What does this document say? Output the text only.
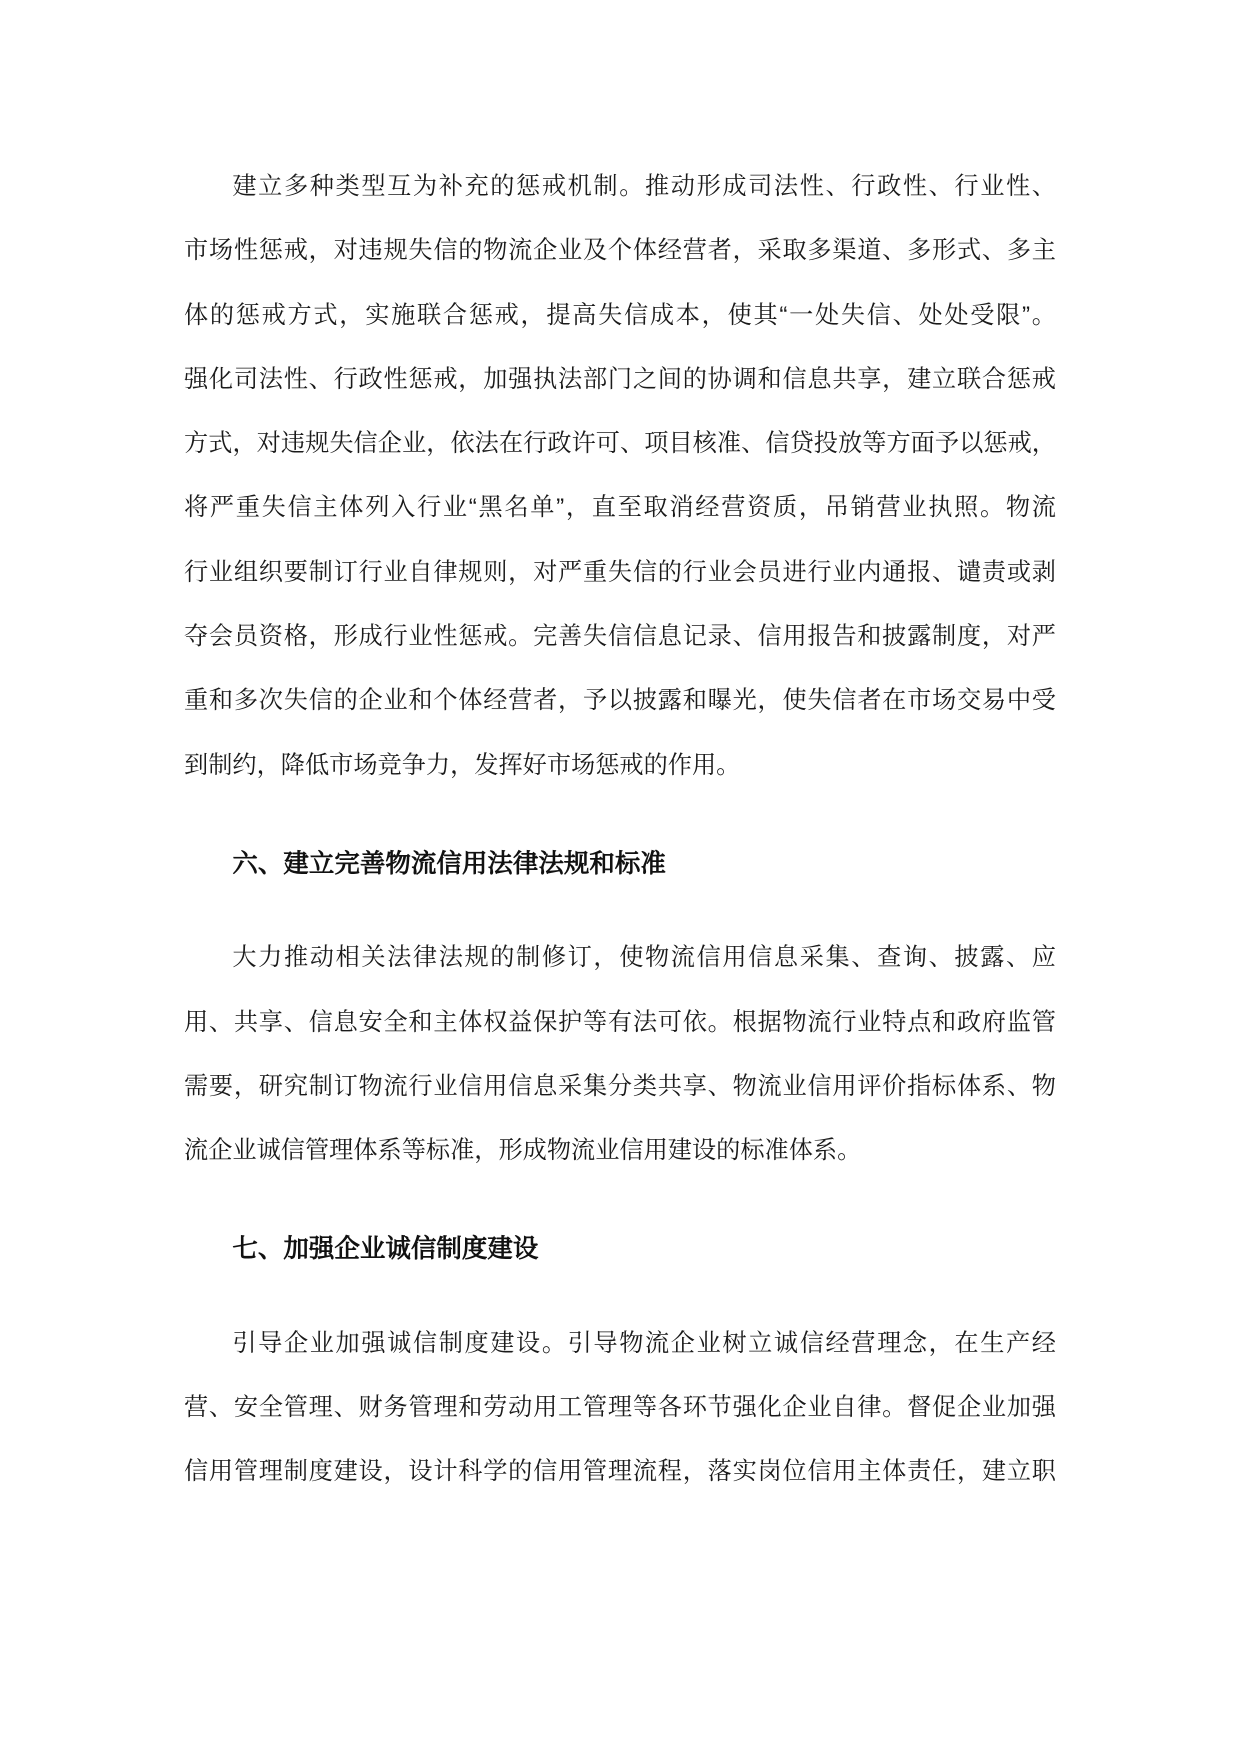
建立多种类型互为补充的惩戒机制。推动形成司法性、行政性、行业性、
市场性惩戒，对违规失信的物流企业及个体经营者，采取多渠道、多形式、多主
体的惩戒方式，实施联合惩戒，提高失信成本，使其“一处失信、处处受限”。
强化司法性、行政性惩戒，加强执法部门之间的协调和信息共享，建立联合惩戒
方式，对违规失信企业，依法在行政许可、项目核准、信贷投放等方面予以惩戒，
将严重失信主体列入行业“黑名单”，直至取消经营资质，吊销营业执照。物流
行业组织要制订行业自律规则，对严重失信的行业会员进行业内通报、谴责或剥
夺会员资格，形成行业性惩戒。完善失信信息记录、信用报告和披露制度，对严
重和多次失信的企业和个体经营者，予以披露和曝光，使失信者在市场交易中受
到制约，降低市场竞争力，发挥好市场惩戒的作用。
六、建立完善物流信用法律法规和标准
大力推动相关法律法规的制修订，使物流信用信息采集、查询、披露、应
用、共享、信息安全和主体权益保护等有法可依。根据物流行业特点和政府监管
需要，研究制订物流行业信用信息采集分类共享、物流业信用评价指标体系、物
流企业诚信管理体系等标准，形成物流业信用建设的标准体系。
七、加强企业诚信制度建设
引导企业加强诚信制度建设。引导物流企业树立诚信经营理念，在生产经
营、安全管理、财务管理和劳动用工管理等各环节强化企业自律。督促企业加强
信用管理制度建设，设计科学的信用管理流程，落实岗位信用主体责任，建立职
